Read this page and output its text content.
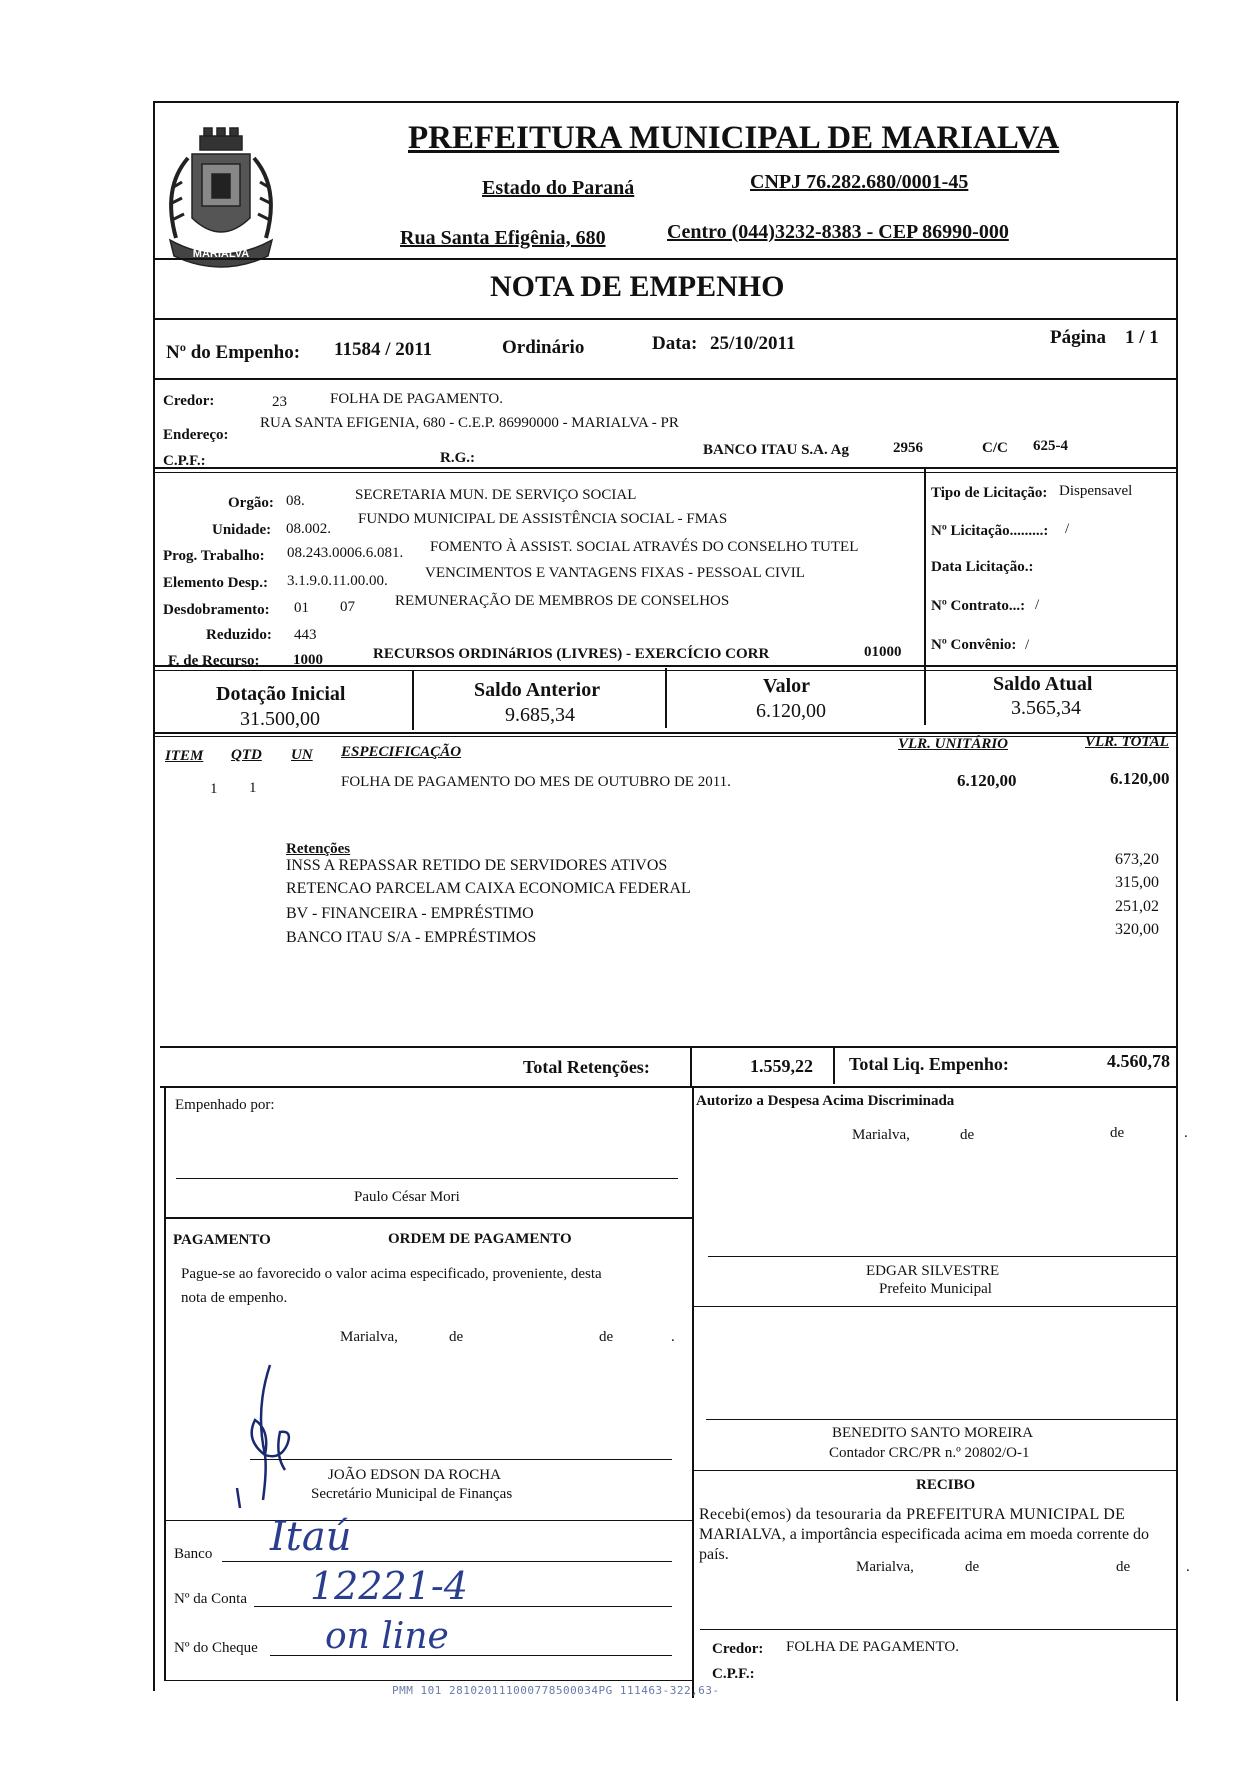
MARIALVA
PREFEITURA MUNICIPAL DE MARIALVA
Estado do Paraná	CNPJ 76.282.680/0001-45
Rua Santa Efigênia, 680	Centro (044)3232-8383 - CEP 86990-000
NOTA DE EMPENHO
Nº do Empenho: 11584 / 2011	Ordinário	Data: 25/10/2011	Página 1 / 1
Credor:	23	FOLHA DE PAGAMENTO.
Endereço:
RUA SANTA EFIGENIA, 680 - C.E.P. 86990000 - MARIALVA - PR
C.P.F.:	R.G.:	BANCO ITAU S.A. Ag	2956	C/C 625-4
Orgão: 08.	SECRETARIA MUN. DE SERVIÇO SOCIAL
Unidade: 08.002.
FUNDO MUNICIPAL DE ASSISTÊNCIA SOCIAL - FMAS
Prog. Trabalho: 08.243.0006.6.081. FOMENTO À ASSIST. SOCIAL ATRAVÉS DO CONSELHO TUTEL
Elemento Desp.: 3.1.9.0.11.00.00. VENCIMENTOS E VANTAGENS FIXAS - PESSOAL CIVIL
Desdobramento: 01 07	REMUNERAÇÃO DE MEMBROS DE CONSELHOS
Reduzido: 443
F. de Recurso: 1000	RECURSOS ORDINáRIOS (LIVRES) - EXERCÍCIO CORR	01000
Tipo de Licitação: Dispensavel
Nº Licitação.........: /
Data Licitação.:
Nº Contrato...: /
Nº Convênio: /
Dotação Inicial
31.500,00
Saldo Anterior
9.685,34
Valor
6.120,00
Saldo Atual
3.565,34
ITEM QTD UN ESPECIFICAÇÃO	VLR. UNITÁRIO	VLR. TOTAL
1 1	FOLHA DE PAGAMENTO DO MES DE OUTUBRO DE 2011.	6.120,00	6.120,00
Retenções
INSS A REPASSAR RETIDO DE SERVIDORES ATIVOS	673,20
RETENCAO PARCELAM CAIXA ECONOMICA FEDERAL	315,00
BV - FINANCEIRA - EMPRÉSTIMO	251,02
BANCO ITAU S/A - EMPRÉSTIMOS	320,00
Total Retenções:	1.559,22 Total Liq. Empenho:	4.560,78
Empenhado por:
Paulo César Mori
Autorizo a Despesa Acima Discriminada
Marialva,	de	de	.
EDGAR SILVESTRE
Prefeito Municipal
PAGAMENTO	ORDEM DE PAGAMENTO
Pague-se ao favorecido o valor acima especificado, proveniente, desta
nota de empenho.
Marialva,	de	de	.
JOÃO EDSON DA ROCHA
Secretário Municipal de Finanças
BENEDITO SANTO MOREIRA
Contador CRC/PR n.º 20802/O-1
RECIBO
Recebi(emos) da tesouraria da PREFEITURA MUNICIPAL DE
MARIALVA, a importância especificada acima em moeda corrente do
país.
Marialva,	de	de	.
Credor: FOLHA DE PAGAMENTO.
C.P.F.:
Banco Itaú
Nº da Conta 12221-4
Nº do Cheque on line
PMM 101 281020111000778500034PG 111463-322,63-
